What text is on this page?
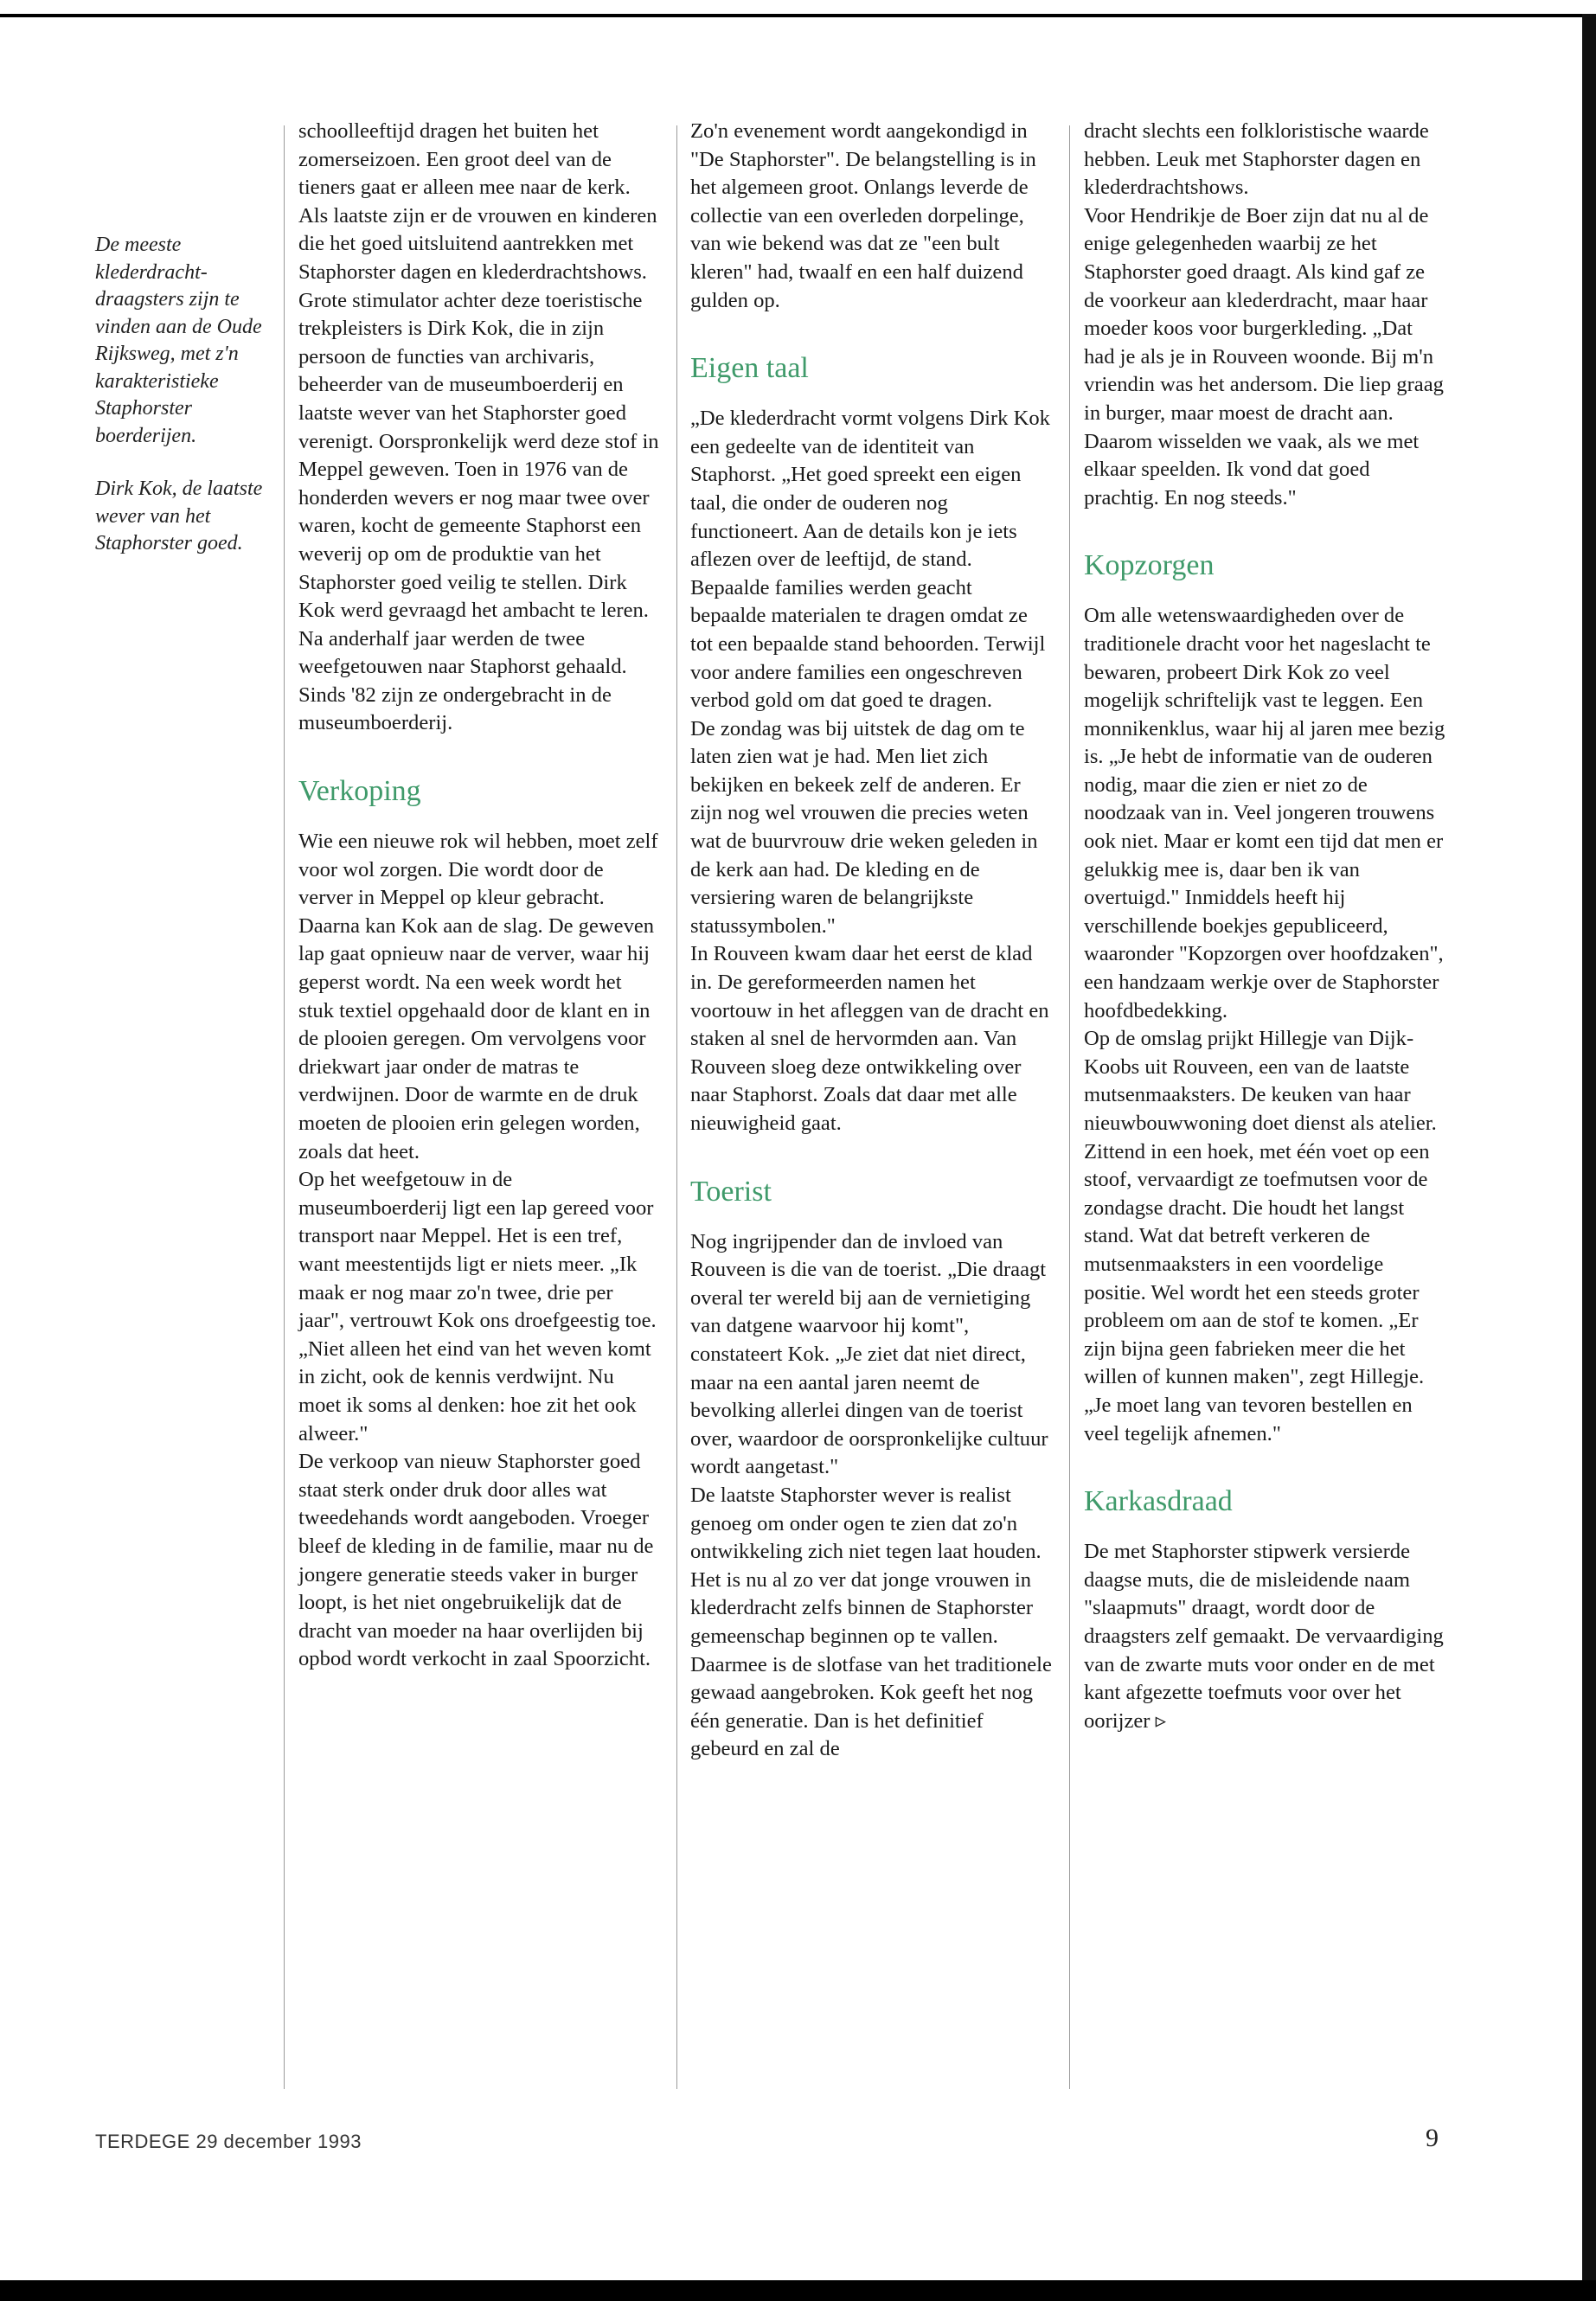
De meeste klederdracht-draagsters zijn te vinden aan de Oude Rijksweg, met z'n karakteristieke Staphorster boerderijen.

Dirk Kok, de laatste wever van het Staphorster goed.

schoolleeftijd dragen het buiten het zomerseizoen. Een groot deel van de tieners gaat er alleen mee naar de kerk. Als laatste zijn er de vrouwen en kinderen die het goed uitsluitend aantrekken met Staphorster dagen en klederdrachtshows.

Grote stimulator achter deze toeristische trekpleisters is Dirk Kok, die in zijn persoon de functies van archivaris, beheerder van de museumboerderij en laatste wever van het Staphorster goed verenigt. Oorspronkelijk werd deze stof in Meppel geweven. Toen in 1976 van de honderden wevers er nog maar twee over waren, kocht de gemeente Staphorst een weverij op om de produktie van het Staphorster goed veilig te stellen. Dirk Kok werd gevraagd het ambacht te leren. Na anderhalf jaar werden de twee weefgetouwen naar Staphorst gehaald. Sinds '82 zijn ze ondergebracht in de museumboerderij.

Verkoping

Wie een nieuwe rok wil hebben, moet zelf voor wol zorgen. Die wordt door de verver in Meppel op kleur gebracht. Daarna kan Kok aan de slag. De geweven lap gaat opnieuw naar de verver, waar hij geperst wordt. Na een week wordt het stuk textiel opgehaald door de klant en in de plooien geregen. Om vervolgens voor driekwart jaar onder de matras te verdwijnen. Door de warmte en de druk moeten de plooien erin gelegen worden, zoals dat heet.

Op het weefgetouw in de museumboerderij ligt een lap gereed voor transport naar Meppel. Het is een tref, want meestentijds ligt er niets meer. „Ik maak er nog maar zo'n twee, drie per jaar", vertrouwt Kok ons droefgeestig toe. „Niet alleen het eind van het weven komt in zicht, ook de kennis verdwijnt. Nu moet ik soms al denken: hoe zit het ook alweer."

De verkoop van nieuw Staphorster goed staat sterk onder druk door alles wat tweedehands wordt aangeboden. Vroeger bleef de kleding in de familie, maar nu de jongere generatie steeds vaker in burger loopt, is het niet ongebruikelijk dat de dracht van moeder na haar overlijden bij opbod wordt verkocht in zaal Spoorzicht.

Zo'n evenement wordt aangekondigd in "De Staphorster". De belangstelling is in het algemeen groot. Onlangs leverde de collectie van een overleden dorpelinge, van wie bekend was dat ze "een bult kleren" had, twaalf en een half duizend gulden op.

Eigen taal

„De klederdracht vormt volgens Dirk Kok een gedeelte van de identiteit van Staphorst. „Het goed spreekt een eigen taal, die onder de ouderen nog functioneert. Aan de details kon je iets aflezen over de leeftijd, de stand. Bepaalde families werden geacht bepaalde materialen te dragen omdat ze tot een bepaalde stand behoorden. Terwijl voor andere families een ongeschreven verbod gold om dat goed te dragen.

De zondag was bij uitstek de dag om te laten zien wat je had. Men liet zich bekijken en bekeek zelf de anderen. Er zijn nog wel vrouwen die precies weten wat de buurvrouw drie weken geleden in de kerk aan had. De kleding en de versiering waren de belangrijkste statussymbolen."

In Rouveen kwam daar het eerst de klad in. De gereformeerden namen het voortouw in het afleggen van de dracht en staken al snel de hervormden aan. Van Rouveen sloeg deze ontwikkeling over naar Staphorst. Zoals dat daar met alle nieuwigheid gaat.

Toerist

Nog ingrijpender dan de invloed van Rouveen is die van de toerist. „Die draagt overal ter wereld bij aan de vernietiging van datgene waarvoor hij komt", constateert Kok. „Je ziet dat niet direct, maar na een aantal jaren neemt de bevolking allerlei dingen van de toerist over, waardoor de oorspronkelijke cultuur wordt aangetast."

De laatste Staphorster wever is realist genoeg om onder ogen te zien dat zo'n ontwikkeling zich niet tegen laat houden. Het is nu al zo ver dat jonge vrouwen in klederdracht zelfs binnen de Staphorster gemeenschap beginnen op te vallen. Daarmee is de slotfase van het traditionele gewaad aangebroken. Kok geeft het nog één generatie. Dan is het definitief gebeurd en zal de

dracht slechts een folkloristische waarde hebben. Leuk met Staphorster dagen en klederdrachtshows.

Voor Hendrikje de Boer zijn dat nu al de enige gelegenheden waarbij ze het Staphorster goed draagt. Als kind gaf ze de voorkeur aan klederdracht, maar haar moeder koos voor burgerkleding. „Dat had je als je in Rouveen woonde. Bij m'n vriendin was het andersom. Die liep graag in burger, maar moest de dracht aan. Daarom wisselden we vaak, als we met elkaar speelden. Ik vond dat goed prachtig. En nog steeds."

Kopzorgen

Om alle wetenswaardigheden over de traditionele dracht voor het nageslacht te bewaren, probeert Dirk Kok zo veel mogelijk schriftelijk vast te leggen. Een monnikenklus, waar hij al jaren mee bezig is. „Je hebt de informatie van de ouderen nodig, maar die zien er niet zo de noodzaak van in. Veel jongeren trouwens ook niet. Maar er komt een tijd dat men er gelukkig mee is, daar ben ik van overtuigd." Inmiddels heeft hij verschillende boekjes gepubliceerd, waaronder "Kopzorgen over hoofdzaken", een handzaam werkje over de Staphorster hoofdbedekking.

Op de omslag prijkt Hillegje van Dijk-Koobs uit Rouveen, een van de laatste mutsenmaaksters. De keuken van haar nieuwbouwwoning doet dienst als atelier. Zittend in een hoek, met één voet op een stoof, vervaardigt ze toefmutsen voor de zondagse dracht. Die houdt het langst stand. Wat dat betreft verkeren de mutsenmaaksters in een voordelige positie. Wel wordt het een steeds groter probleem om aan de stof te komen. „Er zijn bijna geen fabrieken meer die het willen of kunnen maken", zegt Hillegje. „Je moet lang van tevoren bestellen en veel tegelijk afnemen."

Karkasdraad

De met Staphorster stipwerk versierde daagse muts, die de misleidende naam "slaapmuts" draagt, wordt door de draagsters zelf gemaakt. De vervaardiging van de zwarte muts voor onder en de met kant afgezette toefmuts voor over het oorijzer ▹

TERDEGE 29 december 1993	9
